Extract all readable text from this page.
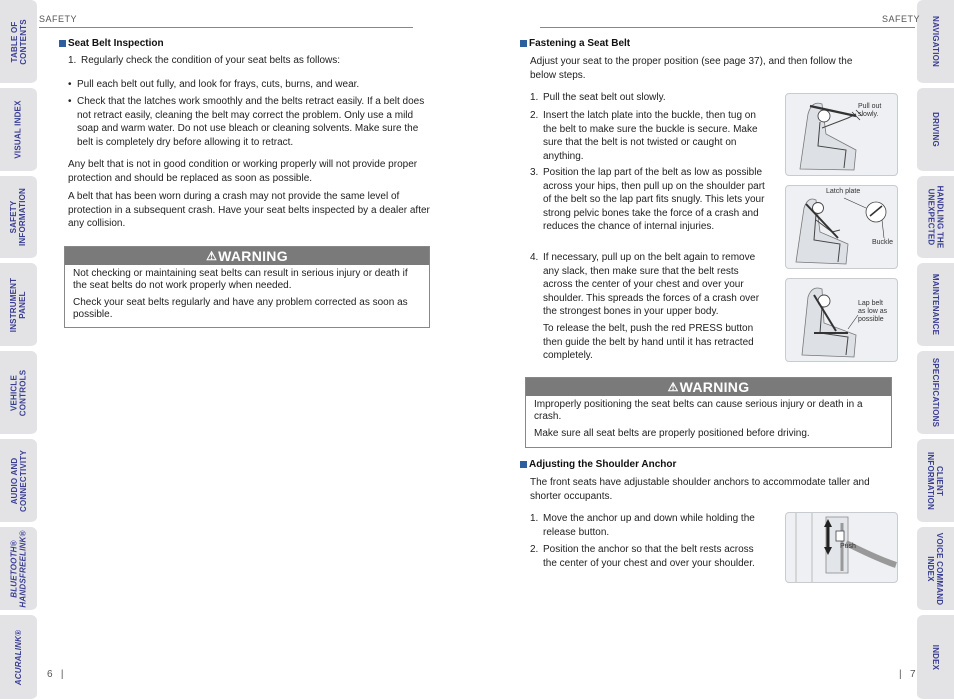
TABLE OF
CONTENTS
VISUAL INDEX
SAFETY
INFORMATION
INSTRUMENT
PANEL
VEHICLE
CONTROLS
AUDIO AND
CONNECTIVITY
BLUETOOTH®
HANDSFREELINK®
ACURALINK®
NAVIGATION
DRIVING
HANDLING THE
UNEXPECTED
MAINTENANCE
SPECIFICATIONS
CLIENT
INFORMATION
VOICE COMMAND
INDEX
INDEX
SAFETY
Seat Belt Inspection
1. Regularly check the condition of your seat belts as follows:
• Pull each belt out fully, and look for frays, cuts, burns, and wear.
• Check that the latches work smoothly and the belts retract easily. If a belt does not retract easily, cleaning the belt may correct the problem. Only use a mild soap and warm water. Do not use bleach or cleaning solvents. Make sure the belt is completely dry before allowing it to retract.
Any belt that is not in good condition or working properly will not provide proper protection and should be replaced as soon as possible.
A belt that has been worn during a crash may not provide the same level of protection in a subsequent crash. Have your seat belts inspected by a dealer after any collision.
⚠ WARNING

Not checking or maintaining seat belts can result in serious injury or death if the seat belts do not work properly when needed.

Check your seat belts regularly and have any problem corrected as soon as possible.

6   |
SAFETY
Fastening a Seat Belt
Adjust your seat to the proper position (see page 37), and then follow the below steps.
1. Pull the seat belt out slowly.
2. Insert the latch plate into the buckle, then tug on the belt to make sure the buckle is secure. Make sure that the belt is not twisted or caught on anything.
3. Position the lap part of the belt as low as possible across your hips, then pull up on the shoulder part of the belt so the lap part fits snugly. This lets your strong pelvic bones take the force of a crash and reduces the chance of internal injuries.
4. If necessary, pull up on the belt again to remove any slack, then make sure that the belt rests across the center of your chest and over your shoulder. This spreads the forces of a crash over the strongest bones in your upper body.
To release the belt, push the red PRESS button then guide the belt by hand until it has retracted completely.
Pull out
slowly.
Latch plate
Buckle
Lap belt
as low as
possible
⚠ WARNING

Improperly positioning the seat belts can cause serious injury or death in a crash.

Make sure all seat belts are properly positioned before driving.

Adjusting the Shoulder Anchor
The front seats have adjustable shoulder anchors to accommodate taller and shorter occupants.
1. Move the anchor up and down while holding the release button.
2. Position the anchor so that the belt rests across the center of your chest and over your shoulder.
Push
|   7
